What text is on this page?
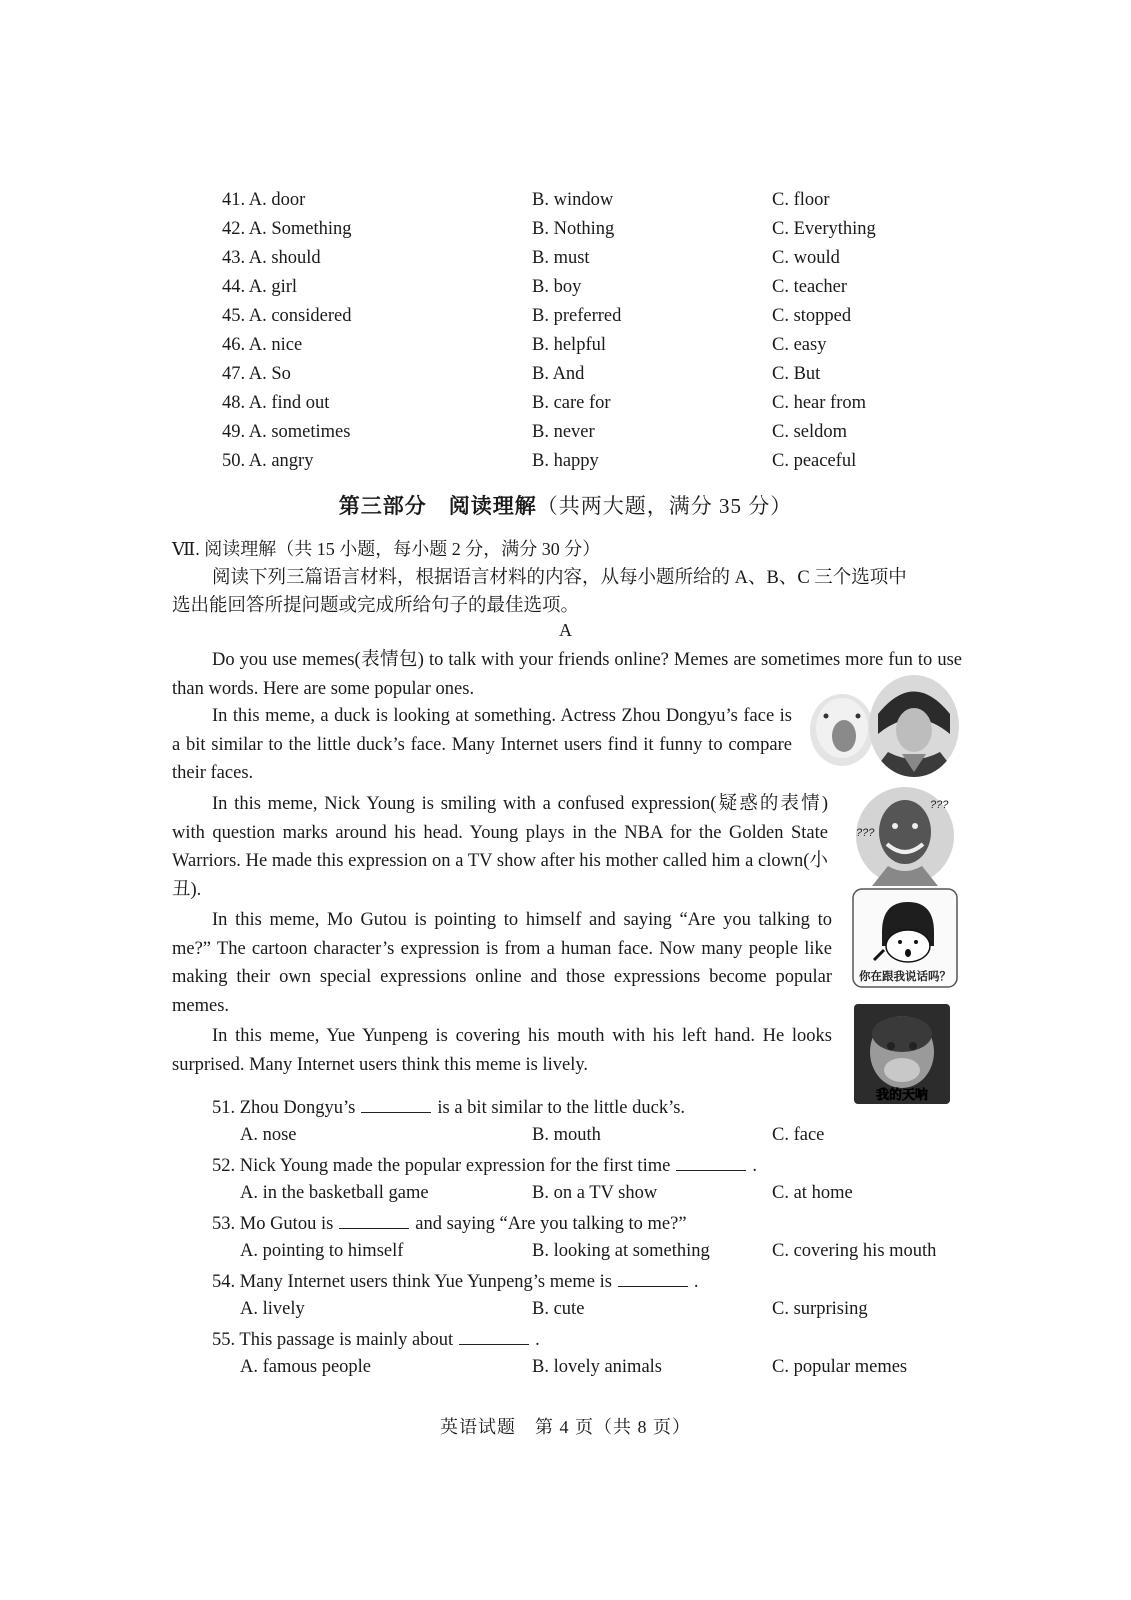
41. A. door	B. window	C. floor
42. A. Something	B. Nothing	C. Everything
43. A. should	B. must	C. would
44. A. girl	B. boy	C. teacher
45. A. considered	B. preferred	C. stopped
46. A. nice	B. helpful	C. easy
47. A. So	B. And	C. But
48. A. find out	B. care for	C. hear from
49. A. sometimes	B. never	C. seldom
50. A. angry	B. happy	C. peaceful
第三部分　阅读理解（共两大题，满分 35 分）
Ⅶ. 阅读理解（共 15 小题，每小题 2 分，满分 30 分）
阅读下列三篇语言材料，根据语言材料的内容，从每小题所给的 A、B、C 三个选项中
选出能回答所提问题或完成所给句子的最佳选项。
A

Do you use memes(表情包) to talk with your friends online? Memes are sometimes more fun to use than words. Here are some popular ones.

In this meme, a duck is looking at something. Actress Zhou Dongyu’s face is a bit similar to the little duck’s face. Many Internet users find it funny to compare their faces.

In this meme, Nick Young is smiling with a confused expression(疑惑的表情) with question marks around his head. Young plays in the NBA for the Golden State Warriors. He made this expression on a TV show after his mother called him a clown(小丑).

In this meme, Mo Gutou is pointing to himself and saying “Are you talking to me?” The cartoon character’s expression is from a human face. Now many people like making their own special expressions online and those expressions become popular memes.

In this meme, Yue Yunpeng is covering his mouth with his left hand. He looks surprised. Many Internet users think this meme is lively.

???
???
你在跟我说话吗？
我的天呐
51. Zhou Dongyu’s	is a bit similar to the little duck’s.
A. nose	B. mouth	C. face
52. Nick Young made the popular expression for the first time	.
A. in the basketball game	B. on a TV show	C. at home
53. Mo Gutou is	and saying “Are you talking to me?”
A. pointing to himself	B. looking at something	C. covering his mouth
54. Many Internet users think Yue Yunpeng’s meme is	.
A. lively	B. cute	C. surprising
55. This passage is mainly about	.
A. famous people	B. lovely animals	C. popular memes
英语试题　第 4 页（共 8 页）
